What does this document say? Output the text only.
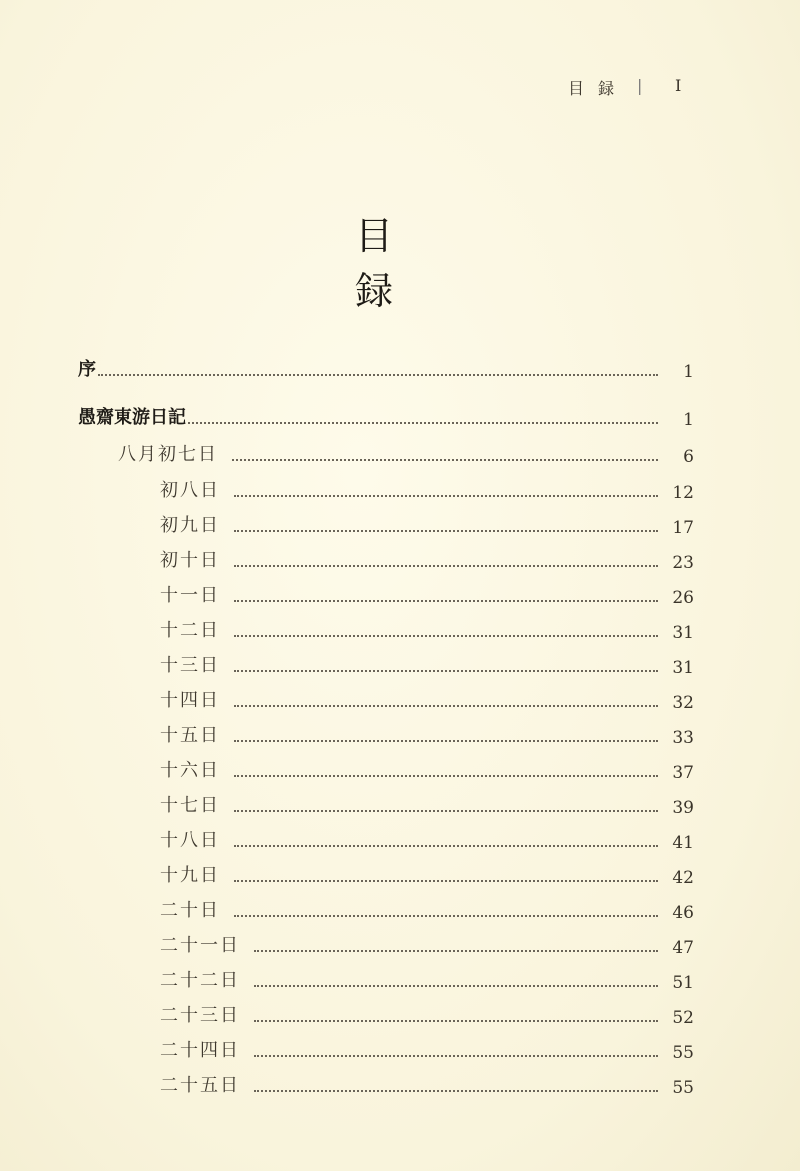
目録 | I
目 録
序	1
愚齋東游日記	1
八月初七日	6
初八日	12
初九日	17
初十日	23
十一日	26
十二日	31
十三日	31
十四日	32
十五日	33
十六日	37
十七日	39
十八日	41
十九日	42
二十日	46
二十一日	47
二十二日	51
二十三日	52
二十四日	55
二十五日	55
